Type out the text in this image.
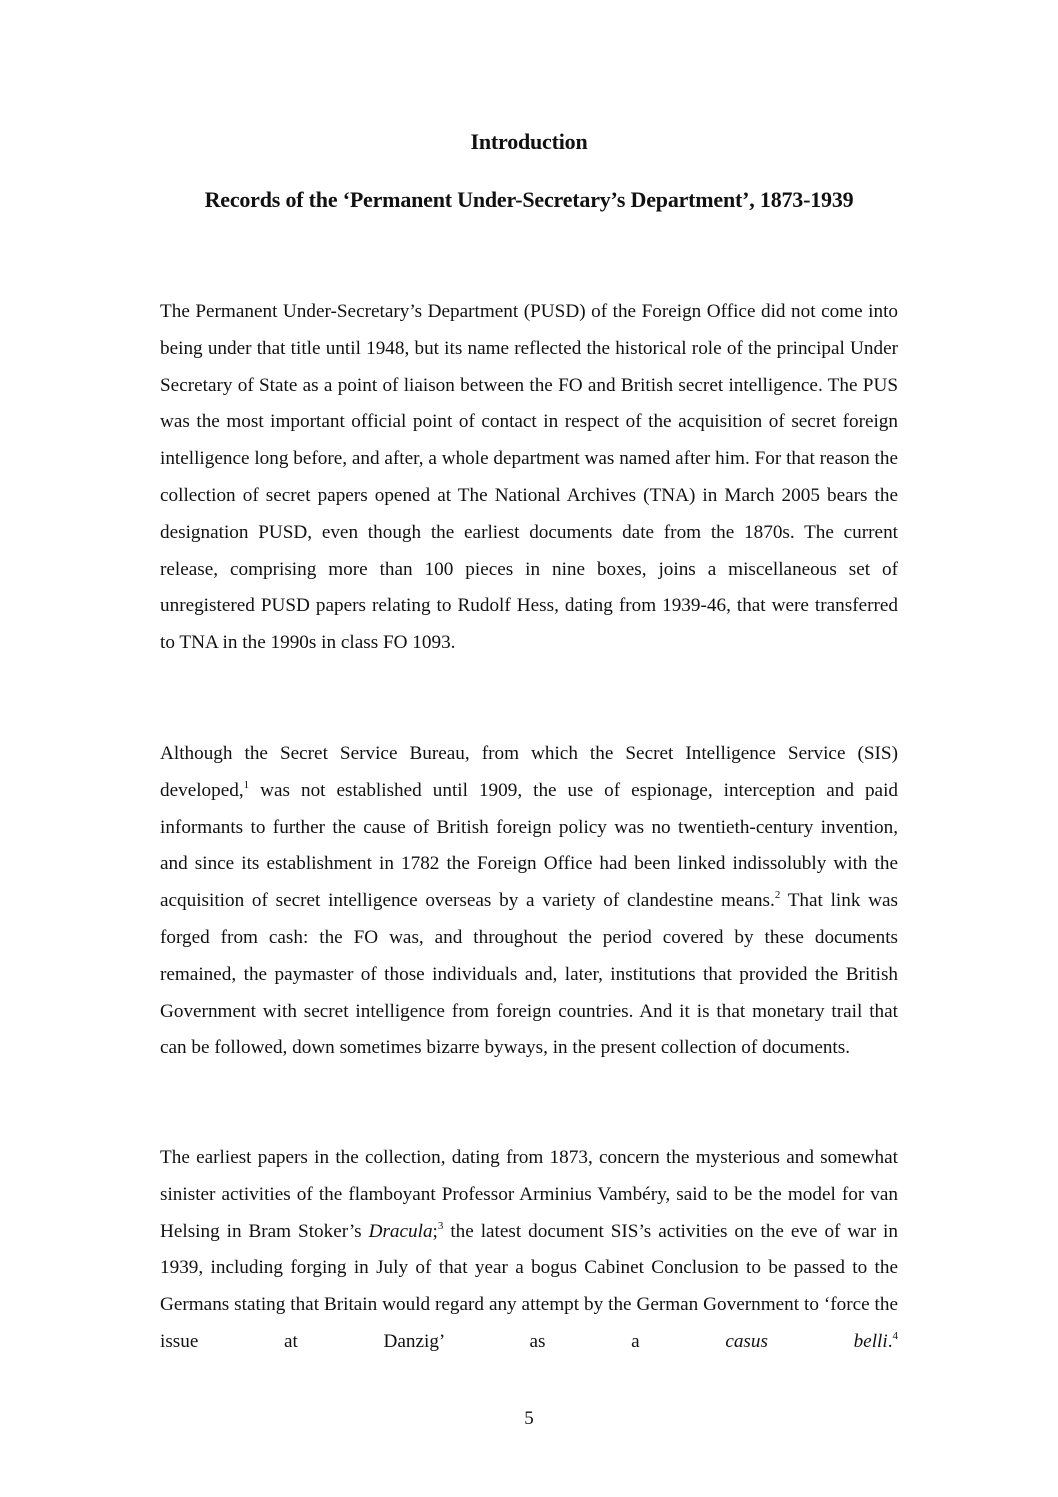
Introduction
Records of the ‘Permanent Under-Secretary’s Department’, 1873-1939

The Permanent Under-Secretary’s Department (PUSD) of the Foreign Office did not come into being under that title until 1948, but its name reflected the historical role of the principal Under Secretary of State as a point of liaison between the FO and British secret intelligence. The PUS was the most important official point of contact in respect of the acquisition of secret foreign intelligence long before, and after, a whole department was named after him. For that reason the collection of secret papers opened at The National Archives (TNA) in March 2005 bears the designation PUSD, even though the earliest documents date from the 1870s. The current release, comprising more than 100 pieces in nine boxes, joins a miscellaneous set of unregistered PUSD papers relating to Rudolf Hess, dating from 1939-46, that were transferred to TNA in the 1990s in class FO 1093.

Although the Secret Service Bureau, from which the Secret Intelligence Service (SIS) developed,$^1$ was not established until 1909, the use of espionage, interception and paid informants to further the cause of British foreign policy was no twentieth-century invention, and since its establishment in 1782 the Foreign Office had been linked indissolubly with the acquisition of secret intelligence overseas by a variety of clandestine means.$^2$ That link was forged from cash: the FO was, and throughout the period covered by these documents remained, the paymaster of those individuals and, later, institutions that provided the British Government with secret intelligence from foreign countries. And it is that monetary trail that can be followed, down sometimes bizarre byways, in the present collection of documents.

The earliest papers in the collection, dating from 1873, concern the mysterious and somewhat sinister activities of the flamboyant Professor Arminius Vambéry, said to be the model for van Helsing in Bram Stoker’s Dracula;$^3$ the latest document SIS’s activities on the eve of war in 1939, including forging in July of that year a bogus Cabinet Conclusion to be passed to the Germans stating that Britain would regard any attempt by the German Government to ‘force the issue at Danzig’ as a casus belli.$^4$

5
